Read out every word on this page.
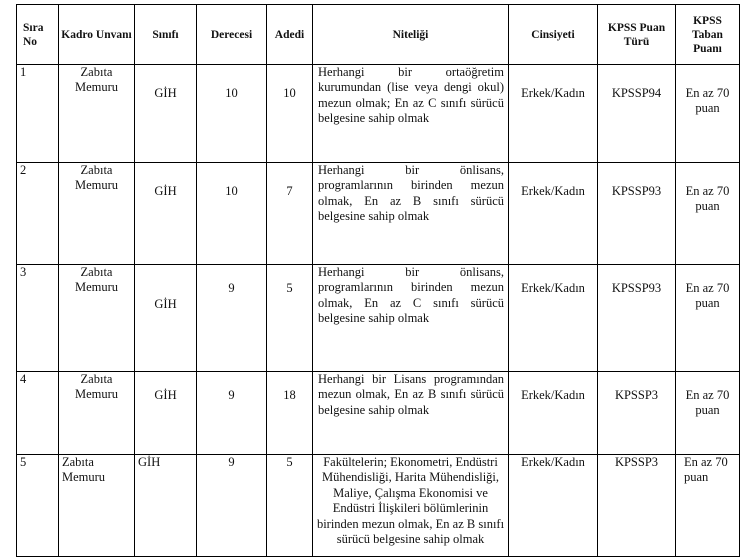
Sıra No	Kadro Unvanı	Sınıfı	Derecesi	Adedi	Niteliği	Cinsiyeti	KPSS Puan Türü	KPSS Taban Puanı
1	Zabıta Memuru	GİH	10	10	Herhangi bir ortaöğretim kurumundan (lise veya dengi okul) mezun olmak; En az C sınıfı sürücü belgesine sahip olmak	Erkek/Kadın	KPSSP94	En az 70 puan
2	Zabıta Memuru	GİH	10	7	Herhangi bir önlisans, programlarının birinden mezun olmak, En az B sınıfı sürücü belgesine sahip olmak	Erkek/Kadın	KPSSP93	En az 70 puan
3	Zabıta Memuru	GİH	9	5	Herhangi bir önlisans, programlarının birinden mezun olmak, En az C sınıfı sürücü belgesine sahip olmak	Erkek/Kadın	KPSSP93	En az 70 puan
4	Zabıta Memuru	GİH	9	18	Herhangi bir Lisans programından mezun olmak, En az B sınıfı sürücü belgesine sahip olmak	Erkek/Kadın	KPSSP3	En az 70 puan
5	Zabıta Memuru	GİH	9	5	Fakültelerin; Ekonometri, Endüstri Mühendisliği, Harita Mühendisliği, Maliye, Çalışma Ekonomisi ve Endüstri İlişkileri bölümlerinin birinden mezun olmak, En az B sınıfı sürücü belgesine sahip olmak	Erkek/Kadın	KPSSP3	En az 70 puan
